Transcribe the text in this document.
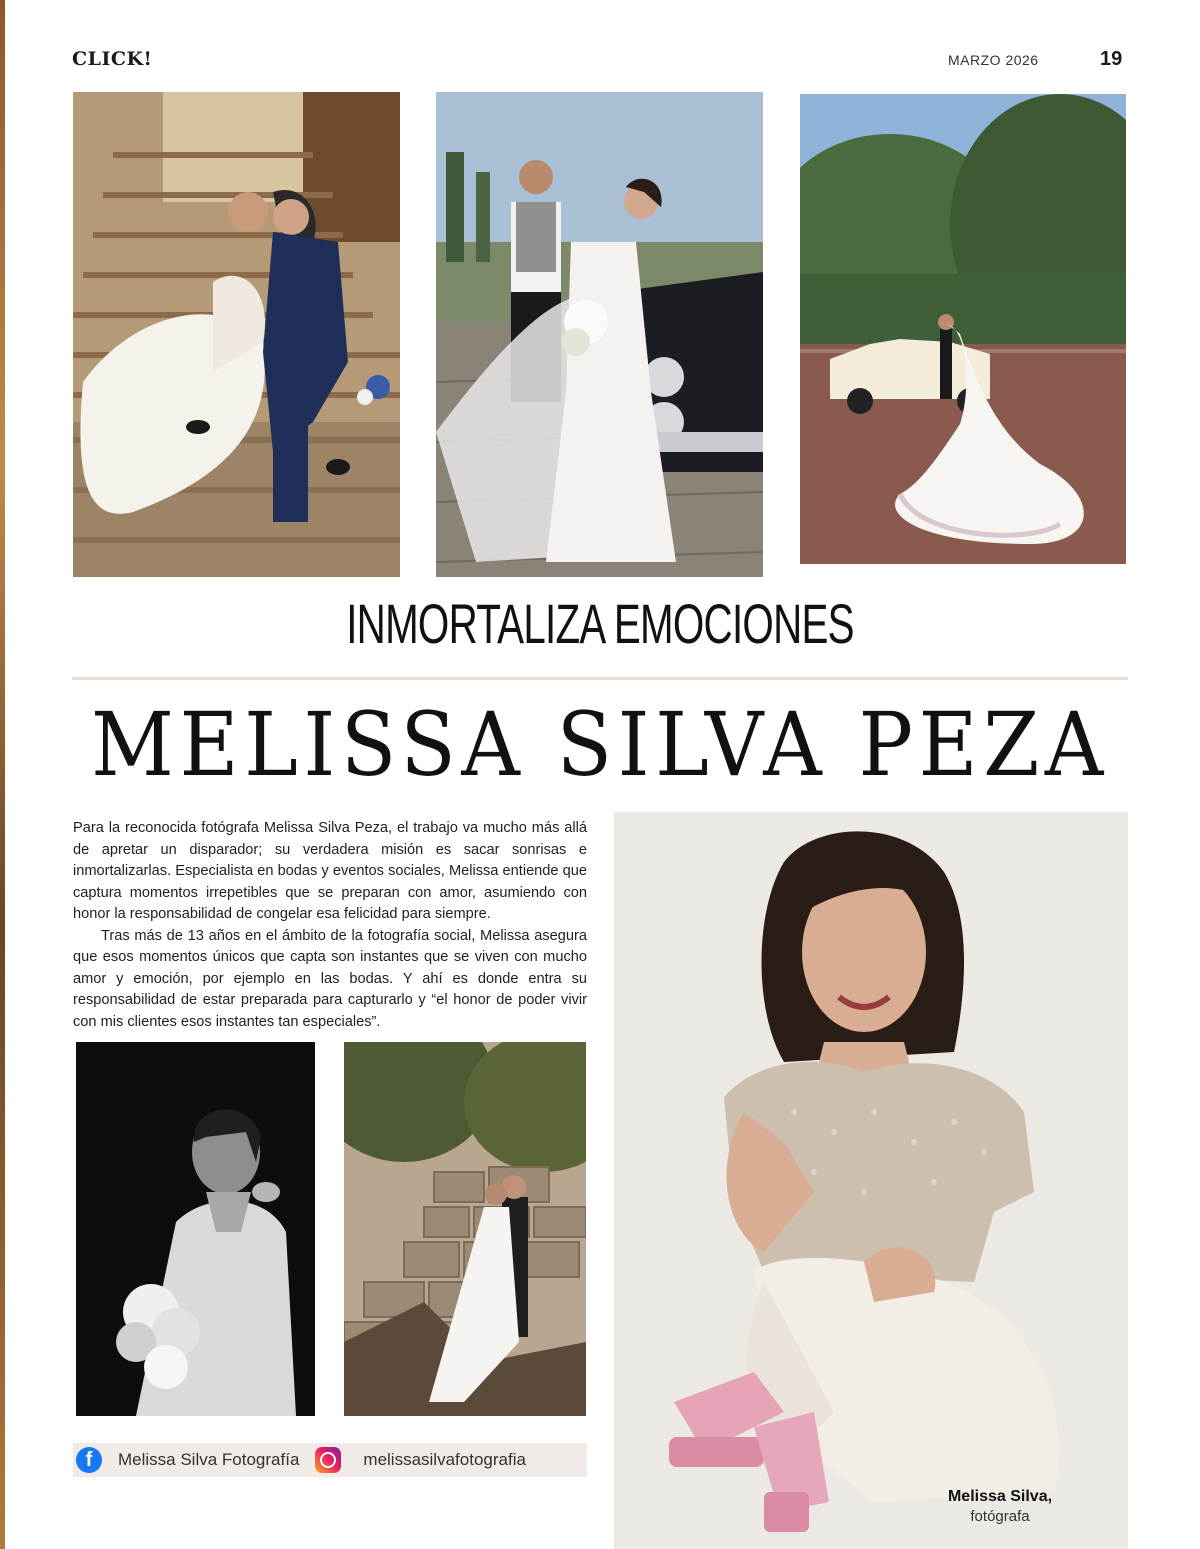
CLICK!	MARZO 2026	19
INMORTALIZA EMOCIONES
MELISSA SILVA PEZA

Para la reconocida fotógrafa Melissa Silva Peza, el trabajo va mucho más allá de apretar un disparador; su verdadera misión es sacar sonrisas e inmortalizarlas. Especialista en bodas y eventos sociales, Melissa entiende que captura momentos irrepetibles que se preparan con amor, asumiendo con honor la responsabilidad de congelar esa felicidad para siempre.

Tras más de 13 años en el ámbito de la fotografía social, Melissa asegura que esos momentos únicos que capta son instantes que se viven con mucho amor y emoción, por ejemplo en las bodas. Y ahí es donde entra su responsabilidad de estar preparada para capturarlo y “el honor de poder vivir con mis clientes esos instantes tan especiales”.

f	Melissa Silva Fotografía	melissasilvafotografia
Melissa Silva,
fotógrafa
